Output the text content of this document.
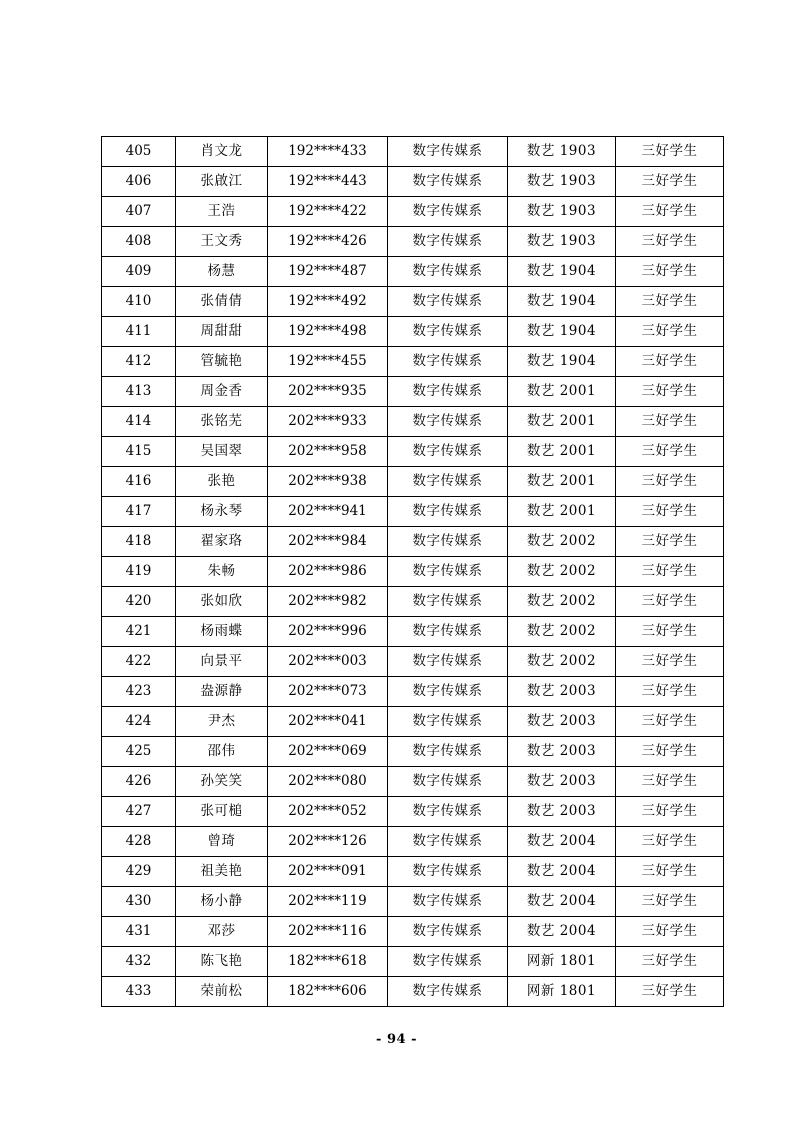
405	肖文龙	192****433	数字传媒系	数艺 1903	三好学生
406	张啟江	192****443	数字传媒系	数艺 1903	三好学生
407	王浩	192****422	数字传媒系	数艺 1903	三好学生
408	王文秀	192****426	数字传媒系	数艺 1903	三好学生
409	杨慧	192****487	数字传媒系	数艺 1904	三好学生
410	张倩倩	192****492	数字传媒系	数艺 1904	三好学生
411	周甜甜	192****498	数字传媒系	数艺 1904	三好学生
412	管毓艳	192****455	数字传媒系	数艺 1904	三好学生
413	周金香	202****935	数字传媒系	数艺 2001	三好学生
414	张铭芜	202****933	数字传媒系	数艺 2001	三好学生
415	吴国翠	202****958	数字传媒系	数艺 2001	三好学生
416	张艳	202****938	数字传媒系	数艺 2001	三好学生
417	杨永琴	202****941	数字传媒系	数艺 2001	三好学生
418	翟家珞	202****984	数字传媒系	数艺 2002	三好学生
419	朱畅	202****986	数字传媒系	数艺 2002	三好学生
420	张如欣	202****982	数字传媒系	数艺 2002	三好学生
421	杨雨蝶	202****996	数字传媒系	数艺 2002	三好学生
422	向景平	202****003	数字传媒系	数艺 2002	三好学生
423	盎源静	202****073	数字传媒系	数艺 2003	三好学生
424	尹杰	202****041	数字传媒系	数艺 2003	三好学生
425	邵伟	202****069	数字传媒系	数艺 2003	三好学生
426	孙笑笑	202****080	数字传媒系	数艺 2003	三好学生
427	张可槌	202****052	数字传媒系	数艺 2003	三好学生
428	曾琦	202****126	数字传媒系	数艺 2004	三好学生
429	祖美艳	202****091	数字传媒系	数艺 2004	三好学生
430	杨小静	202****119	数字传媒系	数艺 2004	三好学生
431	邓莎	202****116	数字传媒系	数艺 2004	三好学生
432	陈飞艳	182****618	数字传媒系	网新 1801	三好学生
433	荣前松	182****606	数字传媒系	网新 1801	三好学生
- 94 -
